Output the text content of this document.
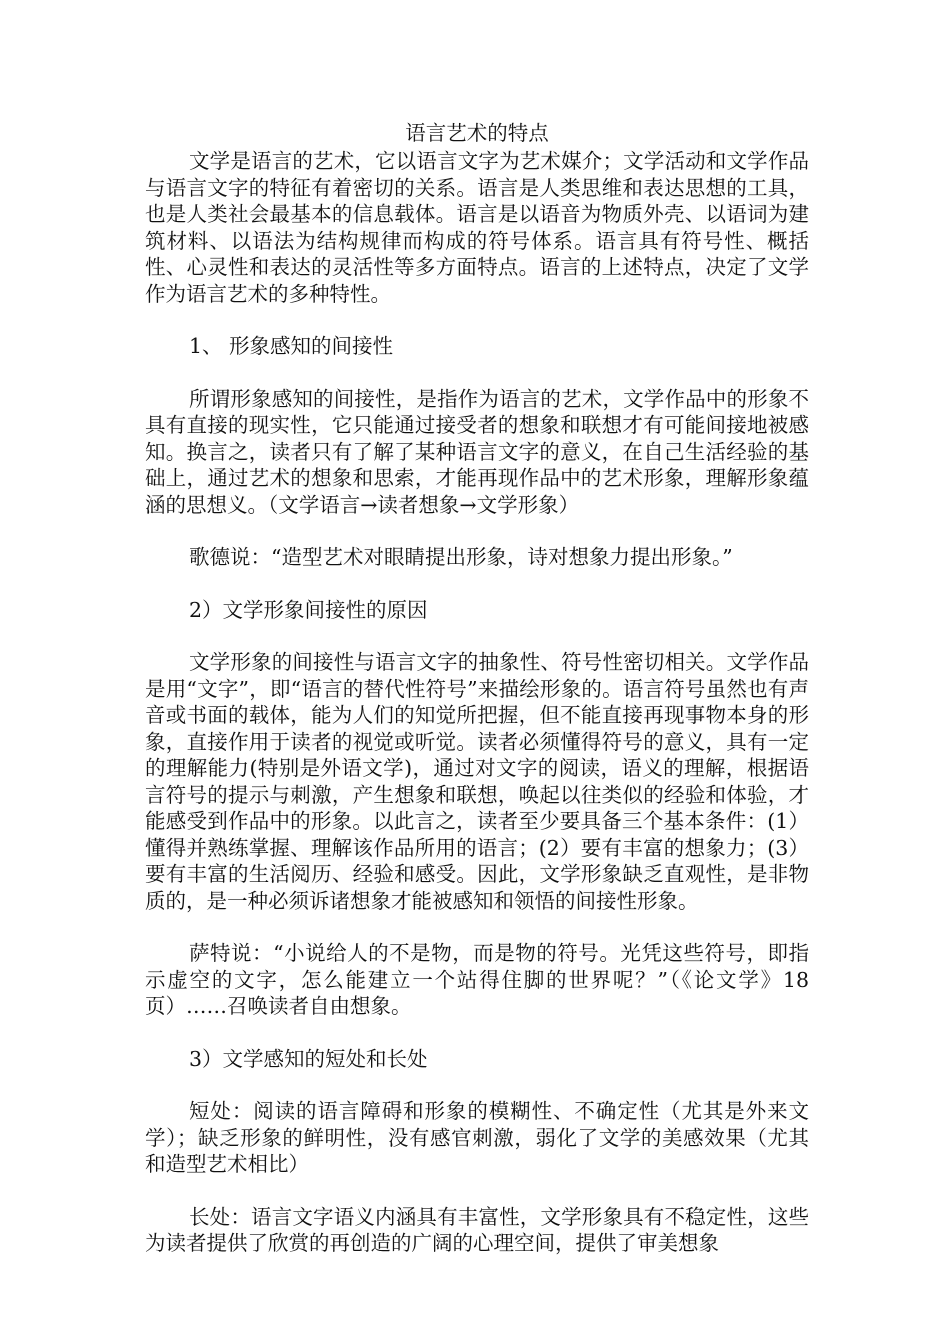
语言艺术的特点

文学是语言的艺术，它以语言文字为艺术媒介；文学活动和文学作品与语言文字的特征有着密切的关系。语言是人类思维和表达思想的工具，也是人类社会最基本的信息载体。语言是以语音为物质外壳、以语词为建筑材料、以语法为结构规律而构成的符号体系。语言具有符号性、概括性、心灵性和表达的灵活性等多方面特点。语言的上述特点，决定了文学作为语言艺术的多种特性。

1、 形象感知的间接性

所谓形象感知的间接性，是指作为语言的艺术，文学作品中的形象不具有直接的现实性，它只能通过接受者的想象和联想才有可能间接地被感知。换言之，读者只有了解了某种语言文字的意义，在自己生活经验的基础上，通过艺术的想象和思索，才能再现作品中的艺术形象，理解形象蕴涵的思想义。（文学语言→读者想象→文学形象）

歌德说：“造型艺术对眼睛提出形象，诗对想象力提出形象。”

2）文学形象间接性的原因

文学形象的间接性与语言文字的抽象性、符号性密切相关。文学作品是用“文字”，即“语言的替代性符号”来描绘形象的。语言符号虽然也有声音或书面的载体，能为人们的知觉所把握，但不能直接再现事物本身的形象，直接作用于读者的视觉或听觉。读者必须懂得符号的意义，具有一定的理解能力(特别是外语文学)，通过对文字的阅读，语义的理解，根据语言符号的提示与刺激，产生想象和联想，唤起以往类似的经验和体验，才能感受到作品中的形象。以此言之，读者至少要具备三个基本条件：(1）懂得并熟练掌握、理解该作品所用的语言；(2）要有丰富的想象力；(3）要有丰富的生活阅历、经验和感受。因此，文学形象缺乏直观性，是非物质的，是一种必须诉诸想象才能被感知和领悟的间接性形象。

萨特说：“小说给人的不是物，而是物的符号。光凭这些符号，即指示虚空的文字，怎么能建立一个站得住脚的世界呢？”（《论文学》18页）……召唤读者自由想象。

3）文学感知的短处和长处

短处：阅读的语言障碍和形象的模糊性、不确定性（尤其是外来文学）；缺乏形象的鲜明性，没有感官刺激，弱化了文学的美感效果（尤其和造型艺术相比）

长处：语言文字语义内涵具有丰富性，文学形象具有不稳定性，这些为读者提供了欣赏的再创造的广阔的心理空间，提供了审美想象
